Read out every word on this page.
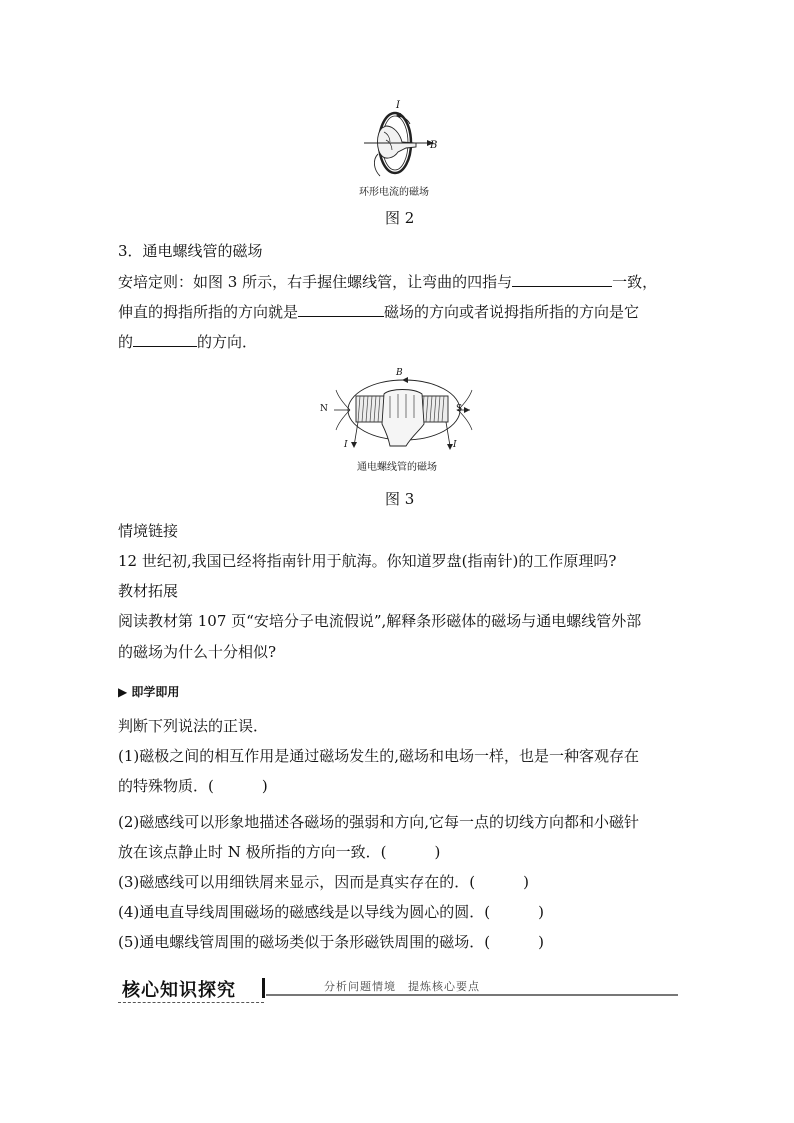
I
B
环形电流的磁场
图 2
3．通电螺线管的磁场
安培定则：如图 3 所示，右手握住螺线管，让弯曲的四指与	一致，
伸直的拇指所指的方向就是	磁场的方向或者说拇指所指的方向是它
的	的方向．
B
N	S
I	I
通电螺线管的磁场
图 3
情境链接
12 世纪初,我国已经将指南针用于航海。你知道罗盘(指南针)的工作原理吗?
教材拓展
阅读教材第 107 页“安培分子电流假说”,解释条形磁体的磁场与通电螺线管外部
的磁场为什么十分相似?
▶ 即学即用
判断下列说法的正误．
(1)磁极之间的相互作用是通过磁场发生的,磁场和电场一样，也是一种客观存在
的特殊物质．(	)
(2)磁感线可以形象地描述各磁场的强弱和方向,它每一点的切线方向都和小磁针
放在该点静止时 N 极所指的方向一致．(	)
(3)磁感线可以用细铁屑来显示，因而是真实存在的．(	)
(4)通电直导线周围磁场的磁感线是以导线为圆心的圆．(	)
(5)通电螺线管周围的磁场类似于条形磁铁周围的磁场．(	)
核心知识探究	分析问题情境　提炼核心要点
